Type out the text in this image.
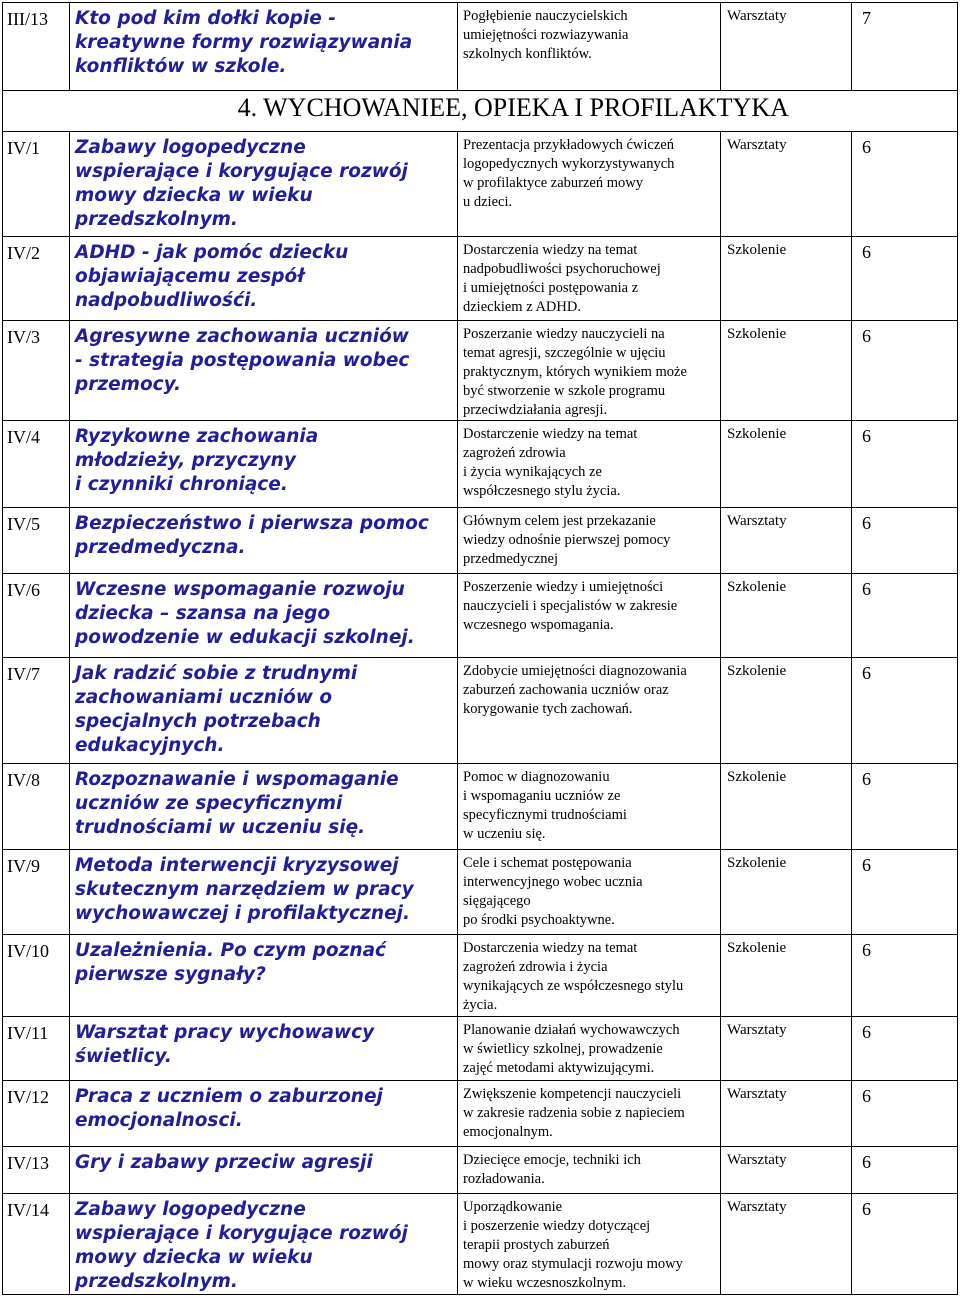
III/13	Kto pod kim dołki kopie -
kreatywne formy rozwiązywania
konfliktów w szkole.	Pogłębienie nauczycielskich
umiejętności rozwiazywania
szkolnych konfliktów.	Warsztaty	7
	4. WYCHOWANIEE, OPIEKA I PROFILAKTYKA			
IV/1	Zabawy logopedyczne
wspierające i korygujące rozwój
mowy dziecka w wieku
przedszkolnym.	Prezentacja przykładowych ćwiczeń
logopedycznych wykorzystywanych
w profilaktyce zaburzeń mowy
u dzieci.	Warsztaty	6
IV/2	ADHD - jak pomóc dziecku
objawiającemu zespół
nadpobudliwośći.	Dostarczenia wiedzy na temat
nadpobudliwości psychoruchowej
i umiejętności postępowania z
dzieckiem z ADHD.	Szkolenie	6
IV/3	Agresywne zachowania uczniów
- strategia postępowania wobec
przemocy.	Poszerzanie wiedzy nauczycieli na
temat agresji, szczególnie w ujęciu
praktycznym, których wynikiem może
być stworzenie w szkole programu
przeciwdziałania agresji.	Szkolenie	6
IV/4	Ryzykowne zachowania
młodzieży, przyczyny
i czynniki chroniące.	Dostarczenie wiedzy na temat
zagrożeń zdrowia
i życia wynikających ze
współczesnego stylu życia.	Szkolenie	6
IV/5	Bezpieczeństwo i pierwsza pomoc
przedmedyczna.	Głównym celem jest przekazanie
wiedzy odnośnie pierwszej pomocy
przedmedycznej	Warsztaty	6
IV/6	Wczesne wspomaganie rozwoju
dziecka – szansa na jego
powodzenie w edukacji szkolnej.	Poszerzenie wiedzy i umiejętności
nauczycieli i specjalistów w zakresie
wczesnego wspomagania.	Szkolenie	6
IV/7	Jak radzić sobie z trudnymi
zachowaniami uczniów o
specjalnych potrzebach
edukacyjnych.	Zdobycie umiejętności diagnozowania
zaburzeń zachowania uczniów oraz
korygowanie tych zachowań.	Szkolenie	6
IV/8	Rozpoznawanie i wspomaganie
uczniów ze specyficznymi
trudnościami w uczeniu się.	Pomoc w diagnozowaniu
i wspomaganiu uczniów ze
specyficznymi trudnościami
w uczeniu się.	Szkolenie	6
IV/9	Metoda interwencji kryzysowej
skutecznym narzędziem w pracy
wychowawczej i profilaktycznej.	Cele i schemat postępowania
interwencyjnego wobec ucznia
sięgającego
po środki psychoaktywne.	Szkolenie	6
IV/10	Uzależnienia. Po czym poznać
pierwsze sygnały?	Dostarczenia wiedzy na temat
zagrożeń zdrowia i życia
wynikających ze współczesnego stylu
życia.	Szkolenie	6
IV/11	Warsztat pracy wychowawcy
świetlicy.	Planowanie działań wychowawczych
w świetlicy szkolnej, prowadzenie
zajęć metodami aktywizującymi.	Warsztaty	6
IV/12	Praca z uczniem o zaburzonej
emocjonalnosci.	Zwiększenie kompetencji nauczycieli
w zakresie radzenia sobie z napieciem
emocjonalnym.	Warsztaty	6
IV/13	Gry i zabawy przeciw agresji	Dziecięce emocje, techniki ich
rozładowania.	Warsztaty	6
IV/14	Zabawy logopedyczne
wspierające i korygujące rozwój
mowy dziecka w wieku
przedszkolnym.	Uporządkowanie
i poszerzenie wiedzy dotyczącej
terapii prostych zaburzeń
mowy oraz stymulacji rozwoju mowy
w wieku wczesnoszkolnym.	Warsztaty	6
